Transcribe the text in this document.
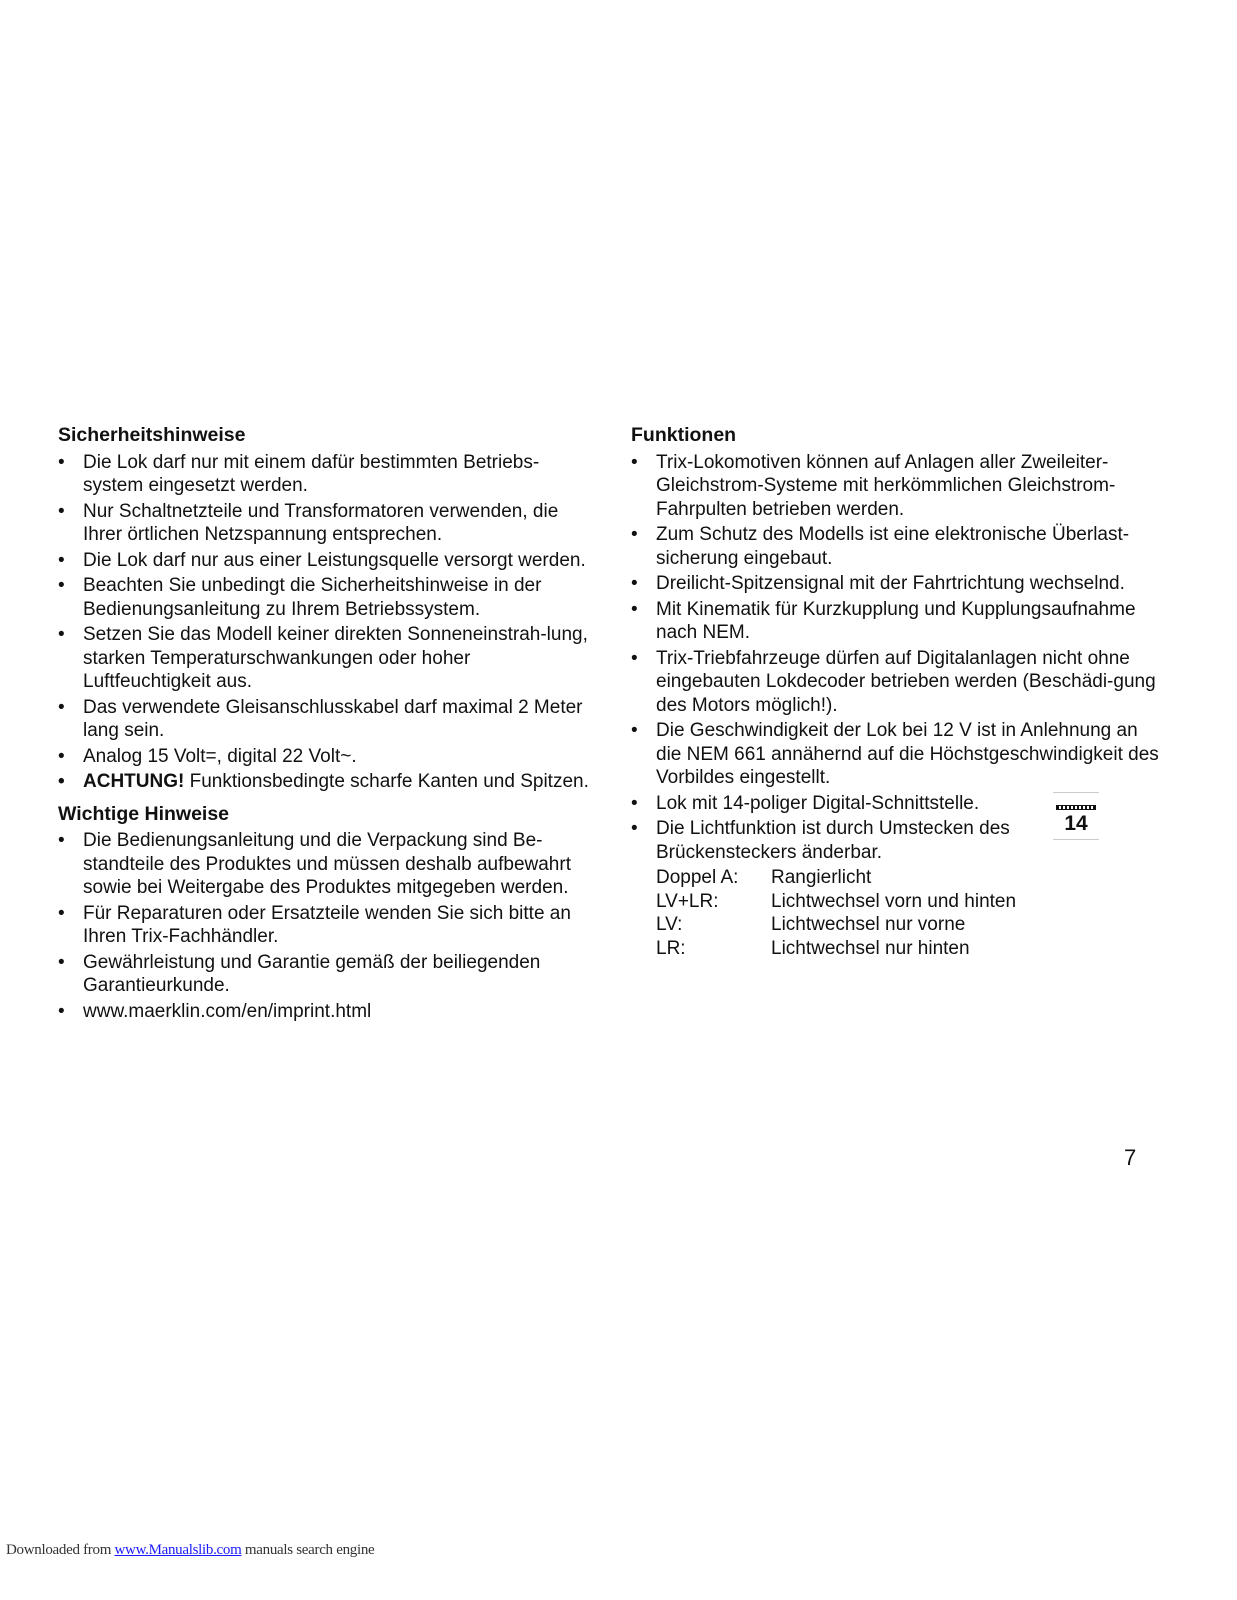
Sicherheitshinweise
• Die Lok darf nur mit einem dafür bestimmten Betriebs-system eingesetzt werden.
• Nur Schaltnetzteile und Transformatoren verwenden, die Ihrer örtlichen Netzspannung entsprechen.
• Die Lok darf nur aus einer Leistungsquelle versorgt werden.
• Beachten Sie unbedingt die Sicherheitshinweise in der Bedienungsanleitung zu Ihrem Betriebssystem.
• Setzen Sie das Modell keiner direkten Sonneneinstrah-lung, starken Temperaturschwankungen oder hoher Luftfeuchtigkeit aus.
• Das verwendete Gleisanschlusskabel darf maximal 2 Meter lang sein.
• Analog 15 Volt=, digital 22 Volt~.
• ACHTUNG! Funktionsbedingte scharfe Kanten und Spitzen.
Wichtige Hinweise
• Die Bedienungsanleitung und die Verpackung sind Be-standteile des Produktes und müssen deshalb aufbewahrt sowie bei Weitergabe des Produktes mitgegeben werden.
• Für Reparaturen oder Ersatzteile wenden Sie sich bitte an Ihren Trix-Fachhändler.
• Gewährleistung und Garantie gemäß der beiliegenden Garantieurkunde.
• www.maerklin.com/en/imprint.html
Funktionen
• Trix-Lokomotiven können auf Anlagen aller Zweileiter-Gleichstrom-Systeme mit herkömmlichen Gleichstrom-Fahrpulten betrieben werden.
• Zum Schutz des Modells ist eine elektronische Überlast-sicherung eingebaut.
• Dreilicht-Spitzensignal mit der Fahrtrichtung wechselnd.
• Mit Kinematik für Kurzkupplung und Kupplungsaufnahme nach NEM.
• Trix-Triebfahrzeuge dürfen auf Digitalanlagen nicht ohne eingebauten Lokdecoder betrieben werden (Beschädi-gung des Motors möglich!).
• Die Geschwindigkeit der Lok bei 12 V ist in Anlehnung an die NEM 661 annähernd auf die Höchstgeschwindigkeit des Vorbildes eingestellt.
• Lok mit 14-poliger Digital-Schnittstelle.
• Die Lichtfunktion ist durch Umstecken des Brückensteckers änderbar.
Doppel A:	Rangierlicht
LV+LR:	Lichtwechsel vorn und hinten
LV:	Lichtwechsel nur vorne
LR:	Lichtwechsel nur hinten
14
7
Downloaded from www.Manualslib.com manuals search engine
